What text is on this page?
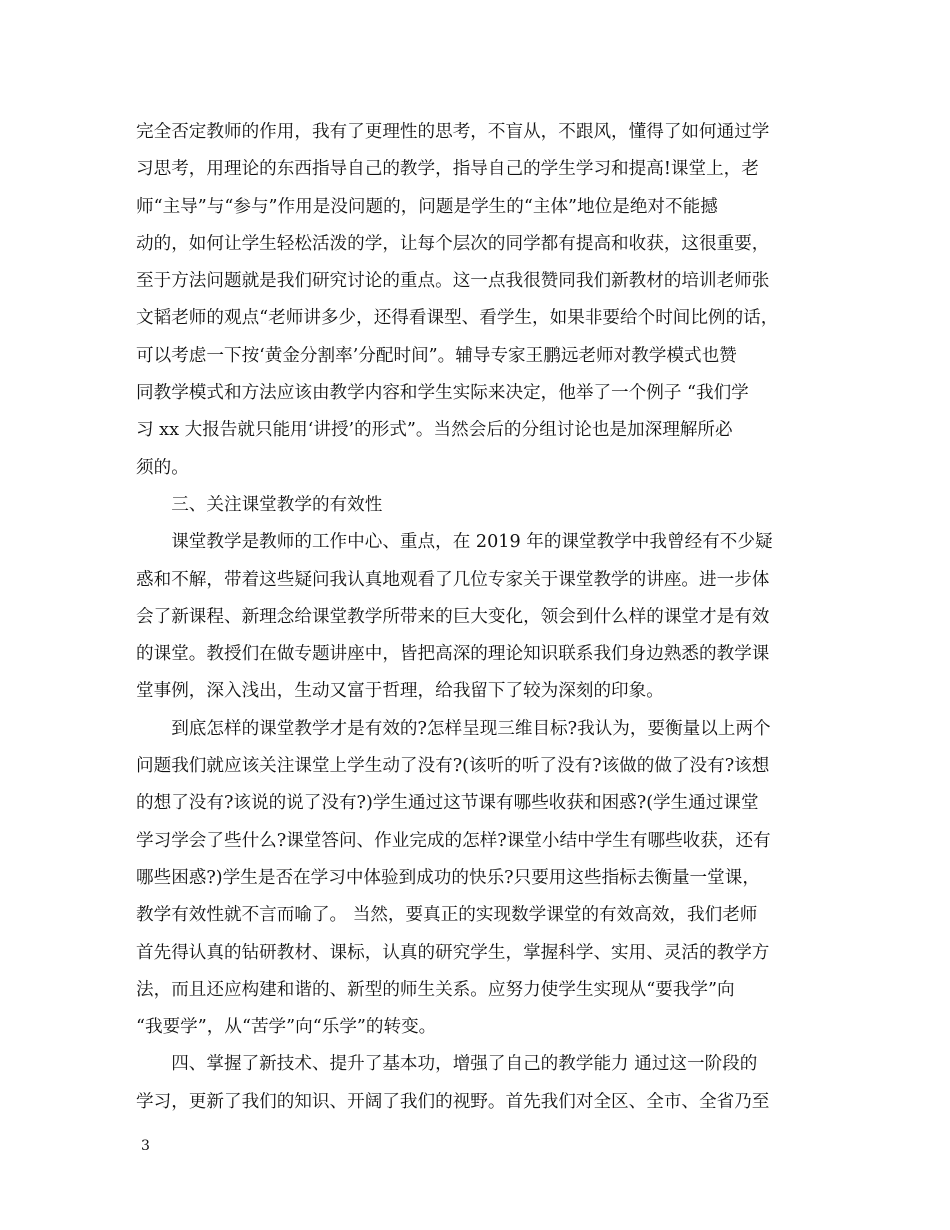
完全否定教师的作用，我有了更理性的思考，不盲从，不跟风，懂得了如何通过学
习思考，用理论的东西指导自己的教学，指导自己的学生学习和提高!课堂上，老
师“主导”与“参与”作用是没问题的，问题是学生的“主体”地位是绝对不能撼
动的，如何让学生轻松活泼的学，让每个层次的同学都有提高和收获，这很重要，
至于方法问题就是我们研究讨论的重点。这一点我很赞同我们新教材的培训老师张
文韬老师的观点“老师讲多少，还得看课型、看学生，如果非要给个时间比例的话，
可以考虑一下按‘黄金分割率’分配时间”。辅导专家王鹏远老师对教学模式也赞
同教学模式和方法应该由教学内容和学生实际来决定，他举了一个例子 “我们学
习 xx 大报告就只能用‘讲授’的形式”。当然会后的分组讨论也是加深理解所必
须的。
　　三、关注课堂教学的有效性
　　课堂教学是教师的工作中心、重点，在 2019 年的课堂教学中我曾经有不少疑
惑和不解，带着这些疑问我认真地观看了几位专家关于课堂教学的讲座。进一步体
会了新课程、新理念给课堂教学所带来的巨大变化，领会到什么样的课堂才是有效
的课堂。教授们在做专题讲座中，皆把高深的理论知识联系我们身边熟悉的教学课
堂事例，深入浅出，生动又富于哲理，给我留下了较为深刻的印象。
　　到底怎样的课堂教学才是有效的?怎样呈现三维目标?我认为，要衡量以上两个
问题我们就应该关注课堂上学生动了没有?(该听的听了没有?该做的做了没有?该想
的想了没有?该说的说了没有?)学生通过这节课有哪些收获和困惑?(学生通过课堂
学习学会了些什么?课堂答问、作业完成的怎样?课堂小结中学生有哪些收获，还有
哪些困惑?)学生是否在学习中体验到成功的快乐?只要用这些指标去衡量一堂课，
教学有效性就不言而喻了。 当然，要真正的实现数学课堂的有效高效，我们老师
首先得认真的钻研教材、课标，认真的研究学生，掌握科学、实用、灵活的教学方
法，而且还应构建和谐的、新型的师生关系。应努力使学生实现从“要我学”向
“我要学”，从“苦学”向“乐学”的转变。
　　四、掌握了新技术、提升了基本功，增强了自己的教学能力 通过这一阶段的
学习，更新了我们的知识、开阔了我们的视野。首先我们对全区、全市、全省乃至
3
